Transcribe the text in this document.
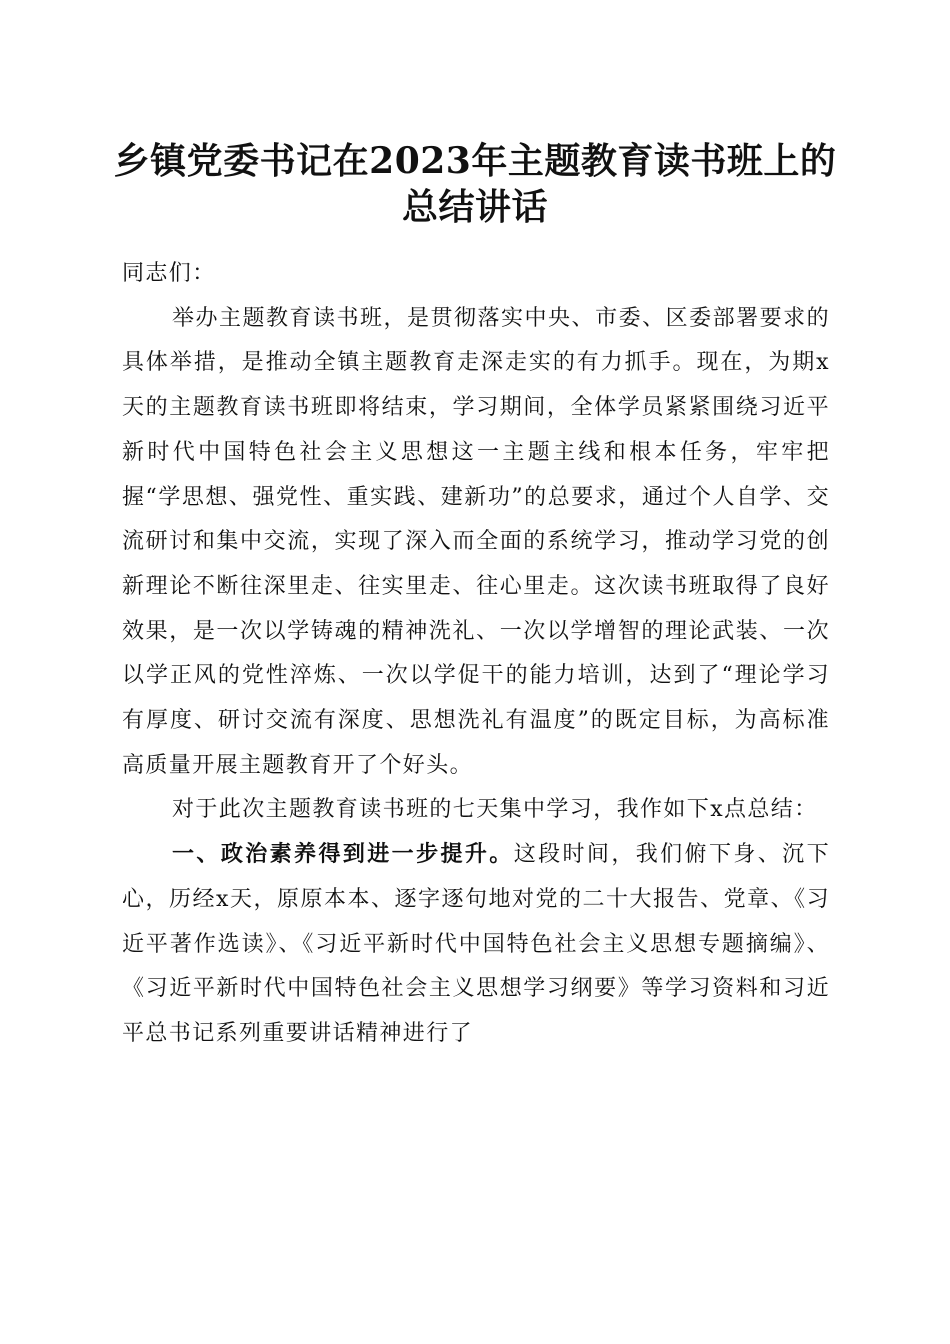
乡镇党委书记在2023年主题教育读书班上的
总结讲话

同志们：

举办主题教育读书班，是贯彻落实中央、市委、区委部署要求的具体举措，是推动全镇主题教育走深走实的有力抓手。现在，为期x天的主题教育读书班即将结束，学习期间，全体学员紧紧围绕习近平新时代中国特色社会主义思想这一主题主线和根本任务，牢牢把握“学思想、强党性、重实践、建新功”的总要求，通过个人自学、交流研讨和集中交流，实现了深入而全面的系统学习，推动学习党的创新理论不断往深里走、往实里走、往心里走。这次读书班取得了良好效果，是一次以学铸魂的精神洗礼、一次以学增智的理论武装、一次以学正风的党性淬炼、一次以学促干的能力培训，达到了“理论学习有厚度、研讨交流有深度、思想洗礼有温度”的既定目标，为高标准高质量开展主题教育开了个好头。

对于此次主题教育读书班的七天集中学习，我作如下x点总结：

一、政治素养得到进一步提升。这段时间，我们俯下身、沉下心，历经x天，原原本本、逐字逐句地对党的二十大报告、党章、《习近平著作选读》、《习近平新时代中国特色社会主义思想专题摘编》、《习近平新时代中国特色社会主义思想学习纲要》等学习资料和习近平总书记系列重要讲话精神进行了
